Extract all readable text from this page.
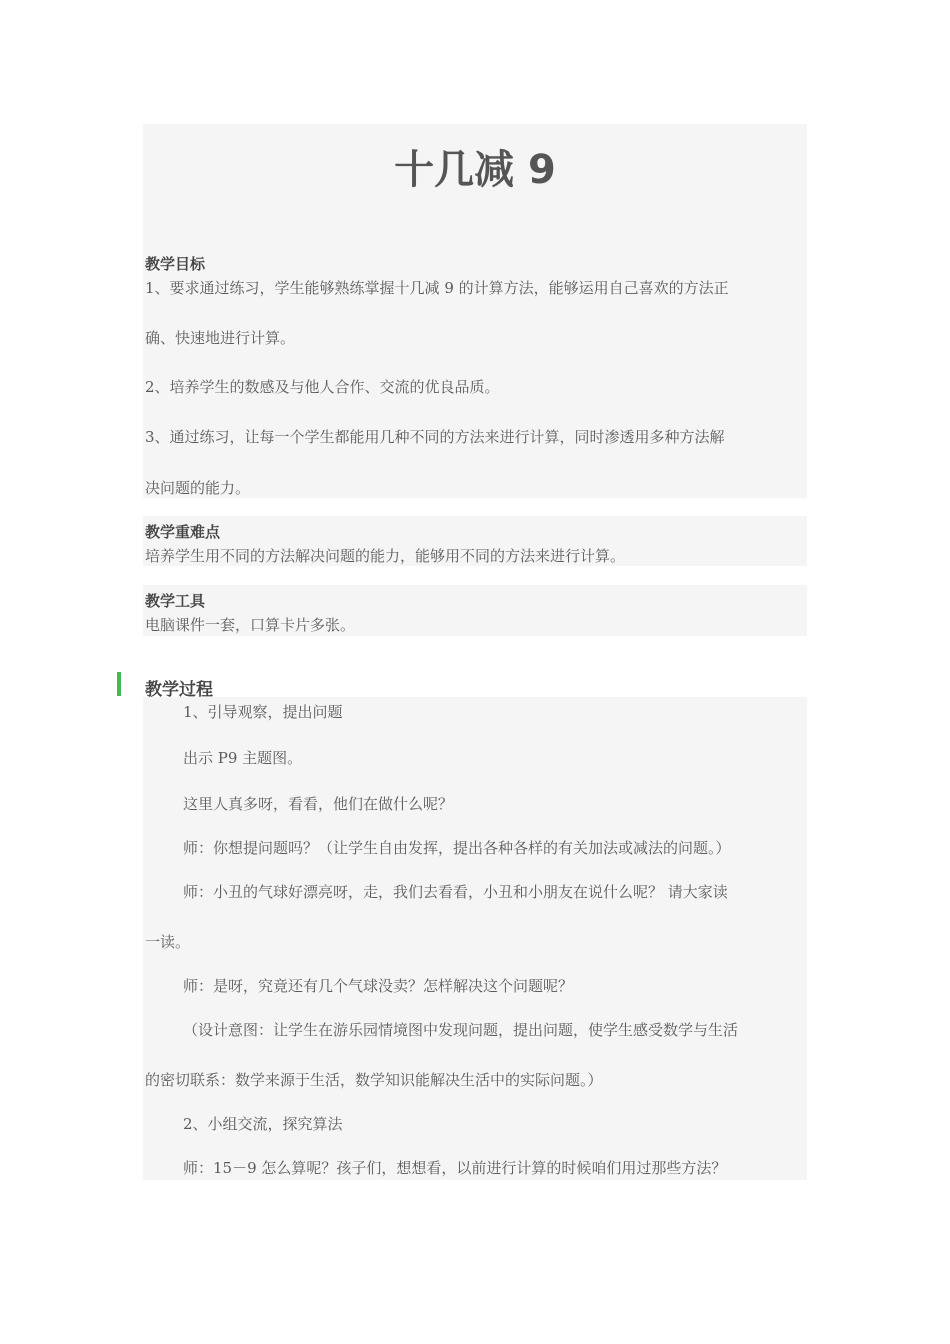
十几减 9
教学目标
1、要求通过练习，学生能够熟练掌握十几减 9 的计算方法，能够运用自己喜欢的方法正
确、快速地进行计算。
2、培养学生的数感及与他人合作、交流的优良品质。
3、通过练习，让每一个学生都能用几种不同的方法来进行计算，同时渗透用多种方法解
决问题的能力。
教学重难点
培养学生用不同的方法解决问题的能力，能够用不同的方法来进行计算。
教学工具
电脑课件一套，口算卡片多张。
教学过程
1、引导观察，提出问题
出示 P9 主题图。
这里人真多呀，看看，他们在做什么呢？
师：你想提问题吗？（让学生自由发挥，提出各种各样的有关加法或减法的问题。）
师：小丑的气球好漂亮呀，走，我们去看看，小丑和小朋友在说什么呢？ 请大家读
一读。
师：是呀，究竟还有几个气球没卖？怎样解决这个问题呢？
（设计意图：让学生在游乐园情境图中发现问题，提出问题，使学生感受数学与生活
的密切联系：数学来源于生活，数学知识能解决生活中的实际问题。）
2、小组交流，探究算法
师：15－9 怎么算呢？孩子们，想想看，以前进行计算的时候咱们用过那些方法？
